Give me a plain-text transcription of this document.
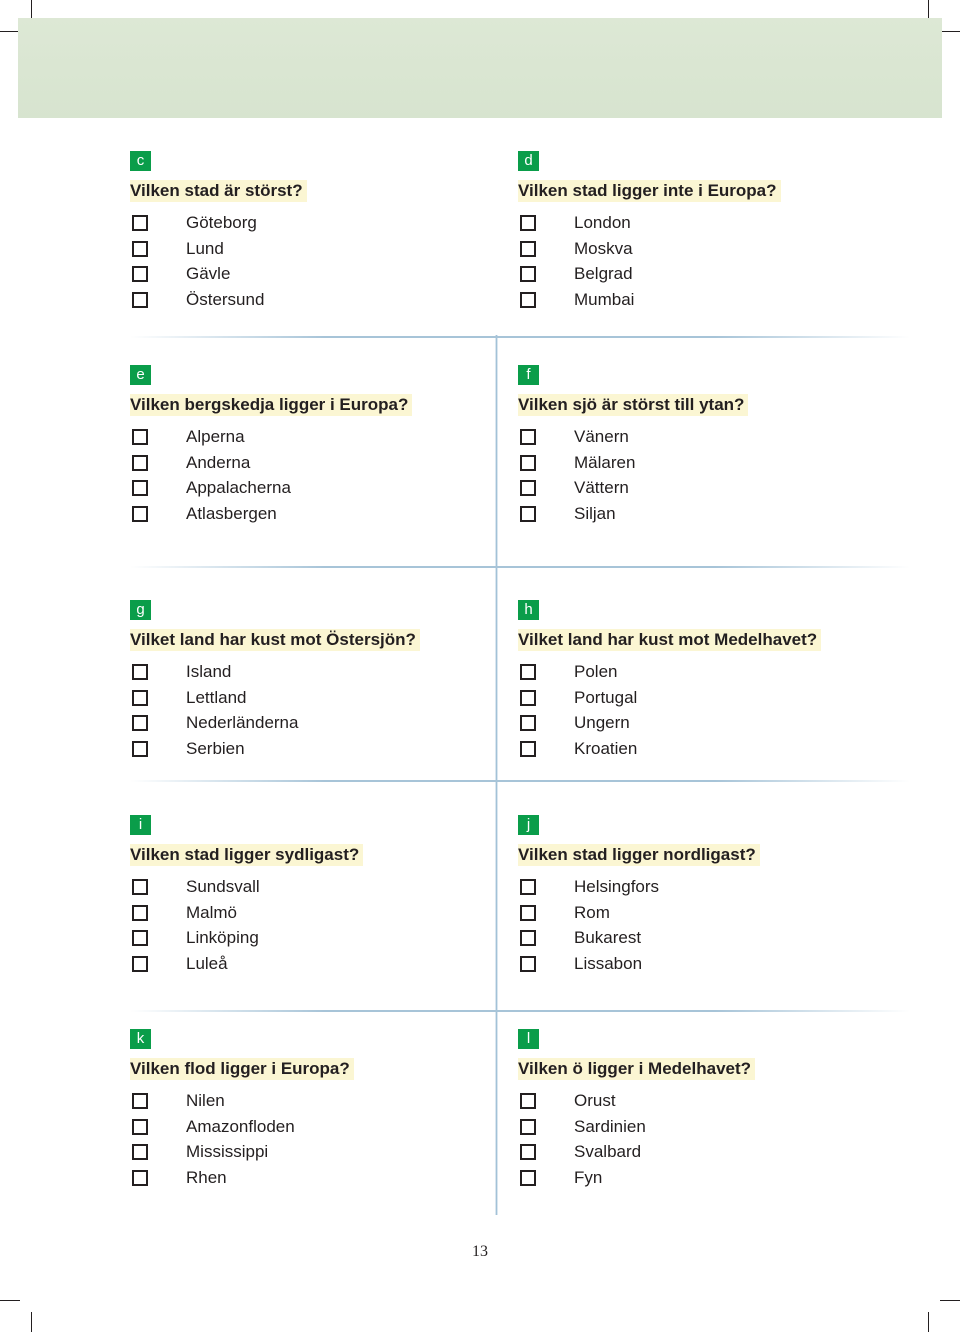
c
Vilken stad är störst?
Göteborg
Lund
Gävle
Östersund
d
Vilken stad ligger inte i Europa?
London
Moskva
Belgrad
Mumbai
e
Vilken bergskedja ligger i Europa?
Alperna
Anderna
Appalacherna
Atlasbergen
f
Vilken sjö är störst till ytan?
Vänern
Mälaren
Vättern
Siljan
g
Vilket land har kust mot Östersjön?
Island
Lettland
Nederländerna
Serbien
h
Vilket land har kust mot Medelhavet?
Polen
Portugal
Ungern
Kroatien
i
Vilken stad ligger sydligast?
Sundsvall
Malmö
Linköping
Luleå
j
Vilken stad ligger nordligast?
Helsingfors
Rom
Bukarest
Lissabon
k
Vilken flod ligger i Europa?
Nilen
Amazonfloden
Mississippi
Rhen
l
Vilken ö ligger i Medelhavet?
Orust
Sardinien
Svalbard
Fyn
13
